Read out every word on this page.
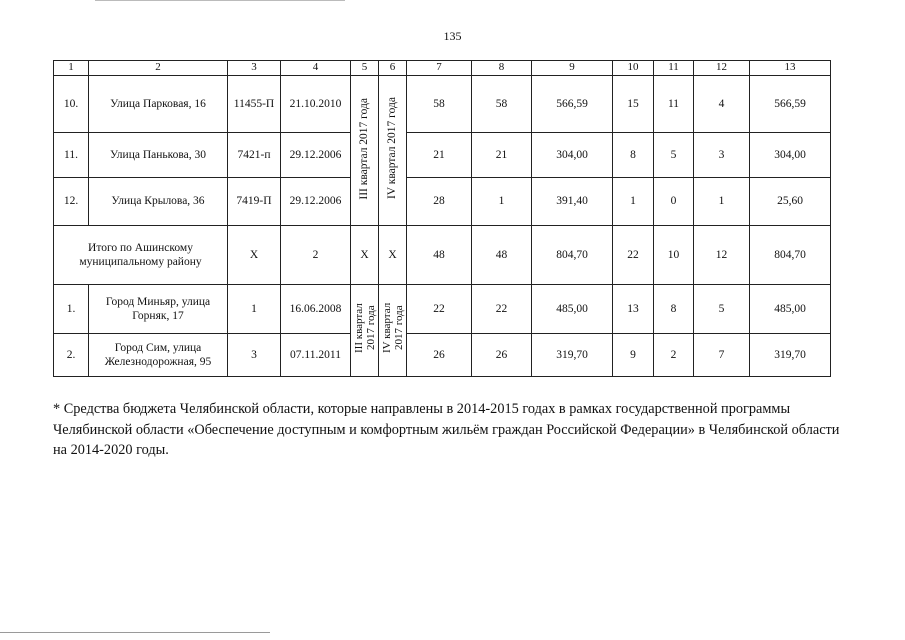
135
1	2	3	4	5	6	7	8	9	10	11	12	13
10.	Улица Парковая, 16	11455-П	21.10.2010	III квартал 2017 года	IV квартал 2017 года	58	58	566,59	15	11	4	566,59
11.	Улица Панькова, 30	7421-п	29.12.2006			21	21	304,00	8	5	3	304,00
12.	Улица Крылова, 36	7419-П	29.12.2006			28	1	391,40	1	0	1	25,60
Итого по Ашинскому муниципальному району		X	2	X	X	48	48	804,70	22	10	12	804,70
1.	Город Миньяр, улица Горняк, 17	1	16.06.2008	III квартал 2017 года	IV квартал 2017 года	22	22	485,00	13	8	5	485,00
2.	Город Сим, улица Железнодорожная, 95	3	07.11.2011			26	26	319,70	9	2	7	319,70
* Средства бюджета Челябинской области, которые направлены в 2014-2015 годах в рамках государственной программы Челябинской области «Обеспечение доступным и комфортным жильём граждан Российской Федерации» в Челябинской области на 2014-2020 годы.
